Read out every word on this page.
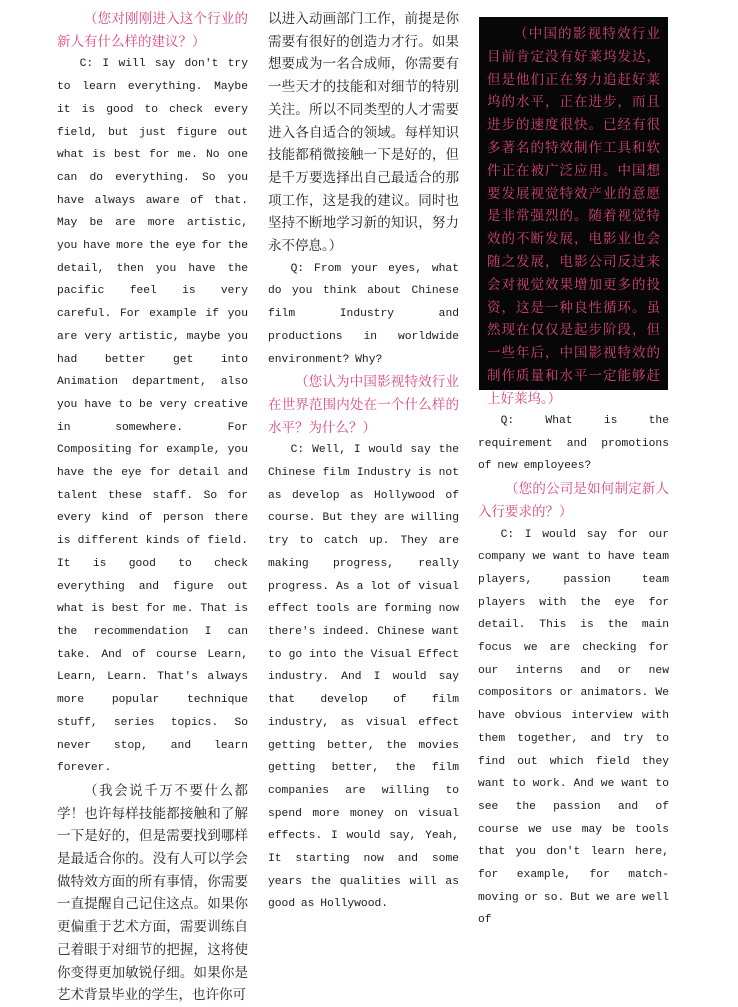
（您对刚刚进入这个行业的新人有什么样的建议？）

C: I will say don't try to learn everything. Maybe it is good to check every field, but just figure out what is best for me. No one can do everything. So you have always aware of that. May be are more artistic, you have more the eye for the detail, then you have the pacific feel is very careful. For example if you are very artistic, maybe you had better get into Animation department, also you have to be very creative in somewhere. For Compositing for example, you have the eye for detail and talent these staff. So for every kind of person there is different kinds of field. It is good to check everything and figure out what is best for me. That is the recommendation I can take. And of course Learn, Learn, Learn. That's always more popular technique stuff, series topics. So never stop, and learn forever.

（我会说千万不要什么都学！也许每样技能都接触和了解一下是好的，但是需要找到哪样是最适合你的。没有人可以学会做特效方面的所有事情，你需要一直提醒自己记住这点。如果你更偏重于艺术方面，需要训练自己着眼于对细节的把握，这将使你变得更加敏锐仔细。如果你是艺术背景毕业的学生，也许你可

以进入动画部门工作，前提是你需要有很好的创造力才行。如果想要成为一名合成师，你需要有一些天才的技能和对细节的特别关注。所以不同类型的人才需要进入各自适合的领域。每样知识技能都稍微接触一下是好的，但是千万要选择出自己最适合的那项工作，这是我的建议。同时也坚持不断地学习新的知识，努力永不停息。）

Q: From your eyes, what do you think about Chinese film Industry and productions in worldwide environment? Why?

（您认为中国影视特效行业在世界范围内处在一个什么样的水平？为什么？）

C: Well, I would say the Chinese film Industry is not as develop as Hollywood of course. But they are willing try to catch up. They are making progress, really progress. As a lot of visual effect tools are forming now there's indeed. Chinese want to go into the Visual Effect industry. And I would say that develop of film industry, as visual effect getting better, the movies getting better, the film companies are willing to spend more money on visual effects. I would say, Yeah, It starting now and some years the qualities will as good as Hollywood.

（中国的影视特效行业目前肯定没有好莱坞发达，但是他们正在努力追赶好莱坞的水平，正在进步，而且进步的速度很快。已经有很多著名的特效制作工具和软件正在被广泛应用。中国想要发展视觉特效产业的意愿是非常强烈的。随着视觉特效的不断发展，电影业也会随之发展，电影公司反过来会对视觉效果增加更多的投资，这是一种良性循环。虽然现在仅仅是起步阶段，但一些年后，中国影视特效的制作质量和水平一定能够赶上好莱坞。）

Q: What is the requirement and promotions of new employees?

（您的公司是如何制定新人入行要求的？）

C: I would say for our company we want to have team players, passion team players with the eye for detail. This is the main focus we are checking for our interns and or new compositors or animators. We have obvious interview with them together, and try to find out which field they want to work. And we want to see the passion and of course we use may be tools that you don't learn here, for example, for match-moving or so. But we are well of
